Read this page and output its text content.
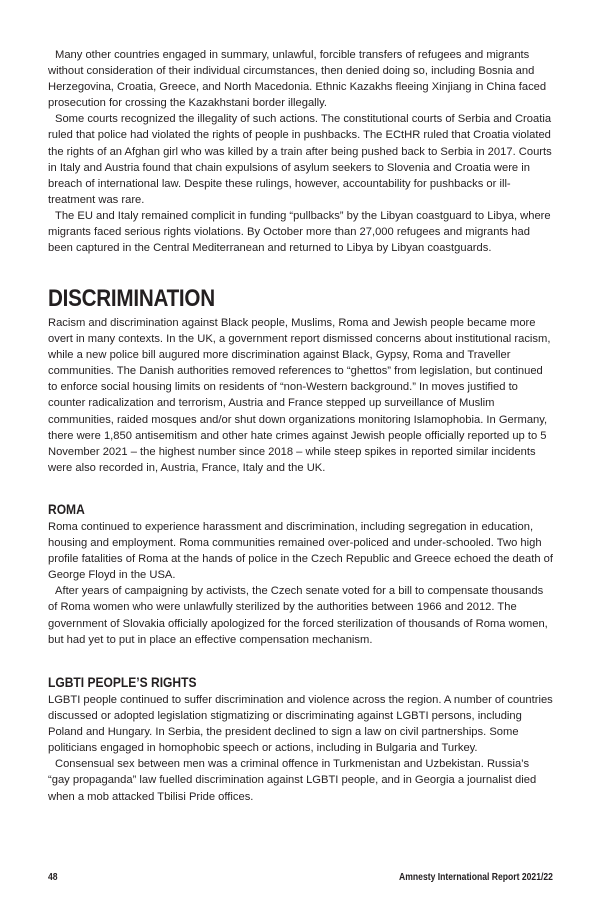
Many other countries engaged in summary, unlawful, forcible transfers of refugees and migrants without consideration of their individual circumstances, then denied doing so, including Bosnia and Herzegovina, Croatia, Greece, and North Macedonia. Ethnic Kazakhs fleeing Xinjiang in China faced prosecution for crossing the Kazakhstani border illegally.

Some courts recognized the illegality of such actions. The constitutional courts of Serbia and Croatia ruled that police had violated the rights of people in pushbacks. The ECtHR ruled that Croatia violated the rights of an Afghan girl who was killed by a train after being pushed back to Serbia in 2017. Courts in Italy and Austria found that chain expulsions of asylum seekers to Slovenia and Croatia were in breach of international law. Despite these rulings, however, accountability for pushbacks or ill-treatment was rare.

The EU and Italy remained complicit in funding “pullbacks” by the Libyan coastguard to Libya, where migrants faced serious rights violations. By October more than 27,000 refugees and migrants had been captured in the Central Mediterranean and returned to Libya by Libyan coastguards.

DISCRIMINATION

Racism and discrimination against Black people, Muslims, Roma and Jewish people became more overt in many contexts. In the UK, a government report dismissed concerns about institutional racism, while a new police bill augured more discrimination against Black, Gypsy, Roma and Traveller communities. The Danish authorities removed references to “ghettos” from legislation, but continued to enforce social housing limits on residents of “non-Western background.” In moves justified to counter radicalization and terrorism, Austria and France stepped up surveillance of Muslim communities, raided mosques and/or shut down organizations monitoring Islamophobia. In Germany, there were 1,850 antisemitism and other hate crimes against Jewish people officially reported up to 5 November 2021 – the highest number since 2018 – while steep spikes in reported similar incidents were also recorded in, Austria, France, Italy and the UK.

ROMA

Roma continued to experience harassment and discrimination, including segregation in education, housing and employment. Roma communities remained over-policed and under-schooled. Two high profile fatalities of Roma at the hands of police in the Czech Republic and Greece echoed the death of George Floyd in the USA.

After years of campaigning by activists, the Czech senate voted for a bill to compensate thousands of Roma women who were unlawfully sterilized by the authorities between 1966 and 2012. The government of Slovakia officially apologized for the forced sterilization of thousands of Roma women, but had yet to put in place an effective compensation mechanism.

LGBTI PEOPLE’S RIGHTS

LGBTI people continued to suffer discrimination and violence across the region. A number of countries discussed or adopted legislation stigmatizing or discriminating against LGBTI persons, including Poland and Hungary. In Serbia, the president declined to sign a law on civil partnerships. Some politicians engaged in homophobic speech or actions, including in Bulgaria and Turkey.

Consensual sex between men was a criminal offence in Turkmenistan and Uzbekistan. Russia’s “gay propaganda” law fuelled discrimination against LGBTI people, and in Georgia a journalist died when a mob attacked Tbilisi Pride offices.

48	Amnesty International Report 2021/22
